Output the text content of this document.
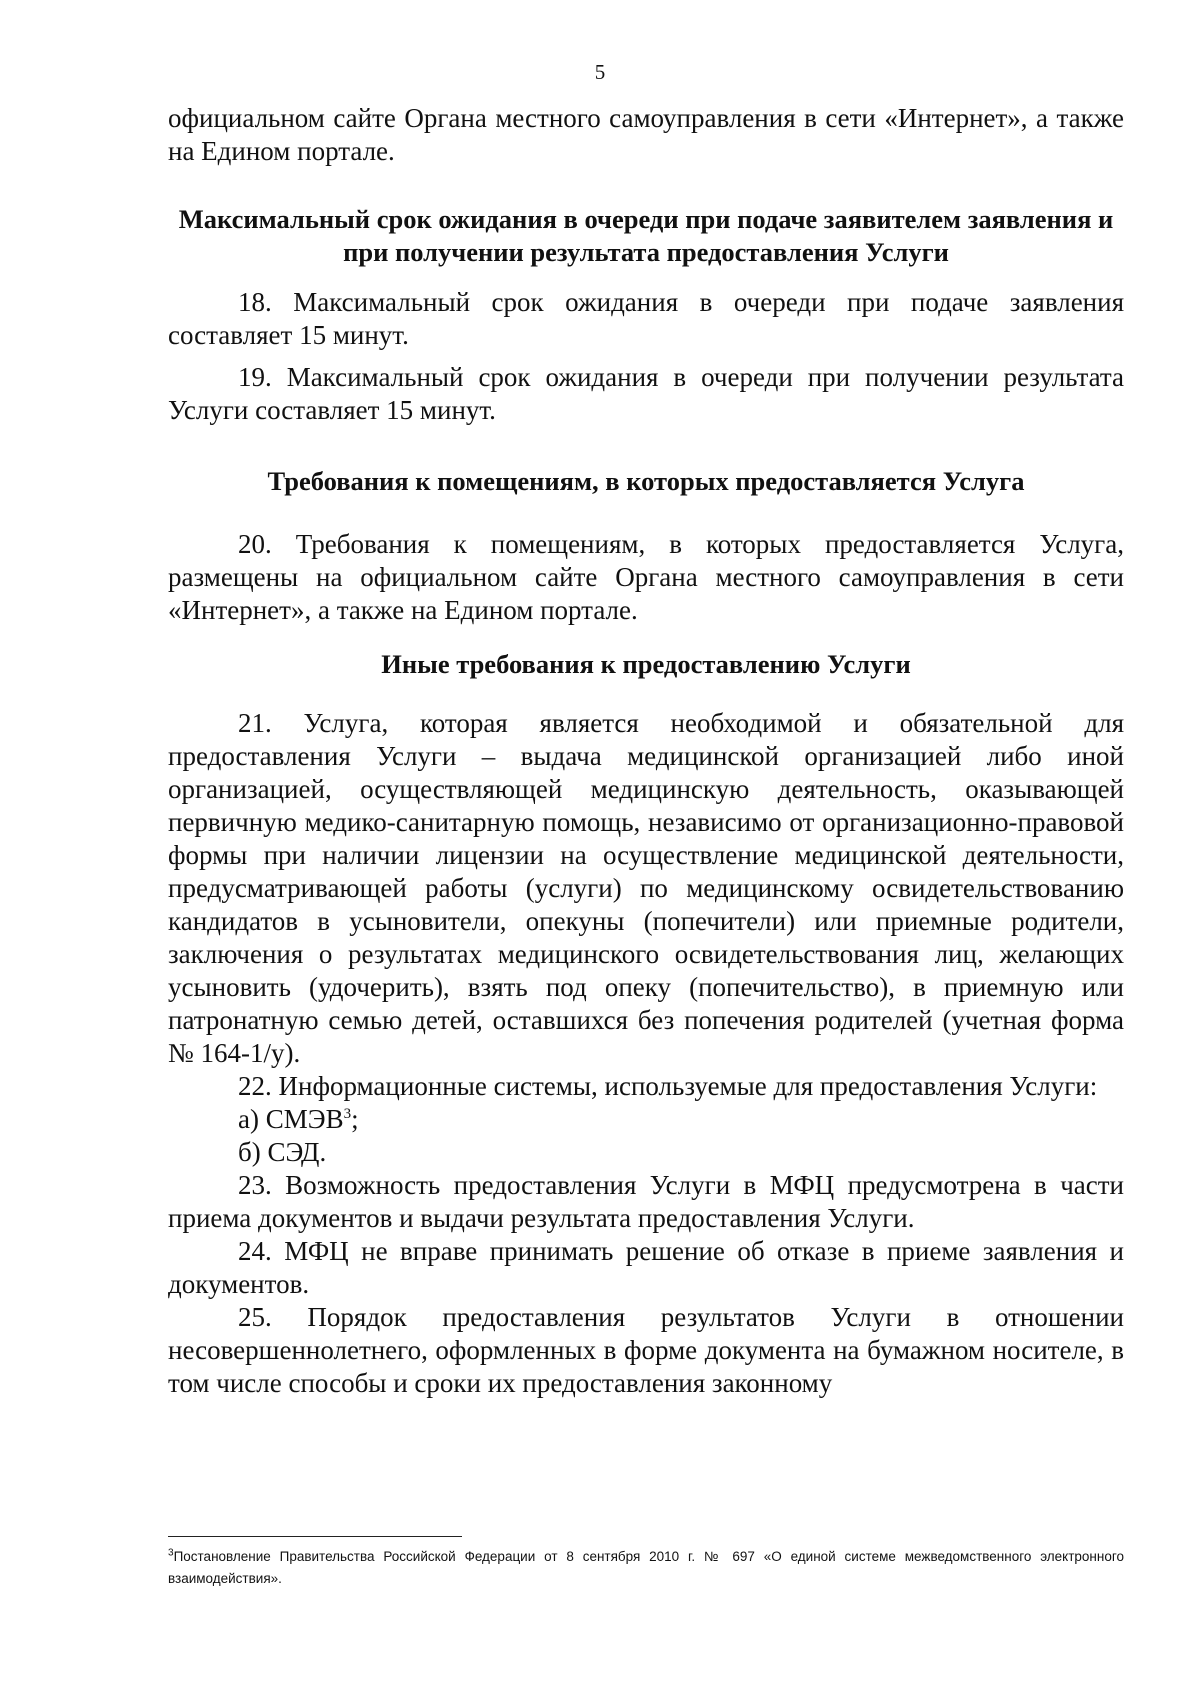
5

официальном сайте Органа местного самоуправления в сети «Интернет», а также на Едином портале.

Максимальный срок ожидания в очереди при подаче заявителем заявления и при получении результата предоставления Услуги

18. Максимальный срок ожидания в очереди при подаче заявления составляет 15 минут.

19. Максимальный срок ожидания в очереди при получении результата Услуги составляет 15 минут.

Требования к помещениям, в которых предоставляется Услуга

20. Требования к помещениям, в которых предоставляется Услуга, размещены на официальном сайте Органа местного самоуправления в сети «Интернет», а также на Едином портале.

Иные требования к предоставлению Услуги

21. Услуга, которая является необходимой и обязательной для предоставления Услуги – выдача медицинской организацией либо иной организацией, осуществляющей медицинскую деятельность, оказывающей первичную медико-санитарную помощь, независимо от организационно-правовой формы при наличии лицензии на осуществление медицинской деятельности, предусматривающей работы (услуги) по медицинскому освидетельствованию кандидатов в усыновители, опекуны (попечители) или приемные родители, заключения о результатах медицинского освидетельствования лиц, желающих усыновить (удочерить), взять под опеку (попечительство), в приемную или патронатную семью детей, оставшихся без попечения родителей (учетная форма № 164-1/у).

22. Информационные системы, используемые для предоставления Услуги:

а) СМЭВ$^3$;

б) СЭД.

23. Возможность предоставления Услуги в МФЦ предусмотрена в части приема документов и выдачи результата предоставления Услуги.

24. МФЦ не вправе принимать решение об отказе в приеме заявления и документов.

25. Порядок предоставления результатов Услуги в отношении несовершеннолетнего, оформленных в форме документа на бумажном носителе, в том числе способы и сроки их предоставления законному

$^3$Постановление Правительства Российской Федерации от 8 сентября 2010 г. № 697 «О единой системе межведомственного электронного взаимодействия».
